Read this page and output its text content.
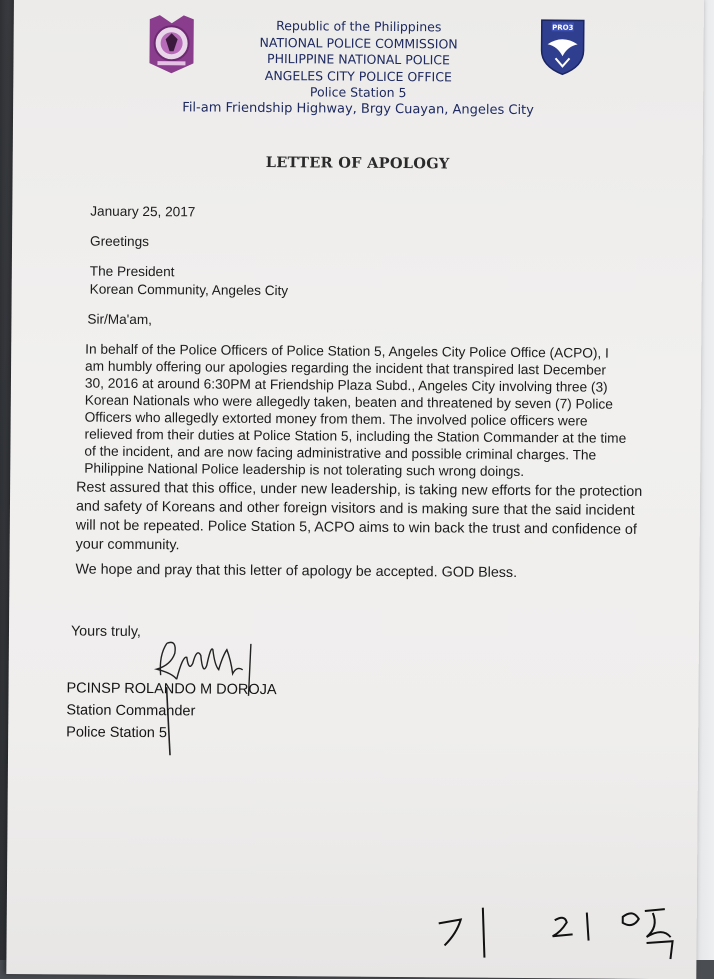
PRO3
Republic of the Philippines
NATIONAL POLICE COMMISSION
PHILIPPINE NATIONAL POLICE
ANGELES CITY POLICE OFFICE
Police Station 5
Fil-am Friendship Highway, Brgy Cuayan, Angeles City
LETTER OF APOLOGY
January 25, 2017
Greetings
The President
Korean Community, Angeles City
Sir/Ma'am,
In behalf of the Police Officers of Police Station 5, Angeles City Police Office (ACPO), I
am humbly offering our apologies regarding the incident that transpired last December
30, 2016 at around 6:30PM at Friendship Plaza Subd., Angeles City involving three (3)
Korean Nationals who were allegedly taken, beaten and threatened by seven (7) Police
Officers who allegedly extorted money from them. The involved police officers were
relieved from their duties at Police Station 5, including the Station Commander at the time
of the incident, and are now facing administrative and possible criminal charges. The
Philippine National Police leadership is not tolerating such wrong doings.
Rest assured that this office, under new leadership, is taking new efforts for the protection
and safety of Koreans and other foreign visitors and is making sure that the said incident
will not be repeated. Police Station 5, ACPO aims to win back the trust and confidence of
your community.
We hope and pray that this letter of apology be accepted. GOD Bless.
Yours truly,
PCINSP ROLANDO M DOROJA
Station Commander
Police Station 5
